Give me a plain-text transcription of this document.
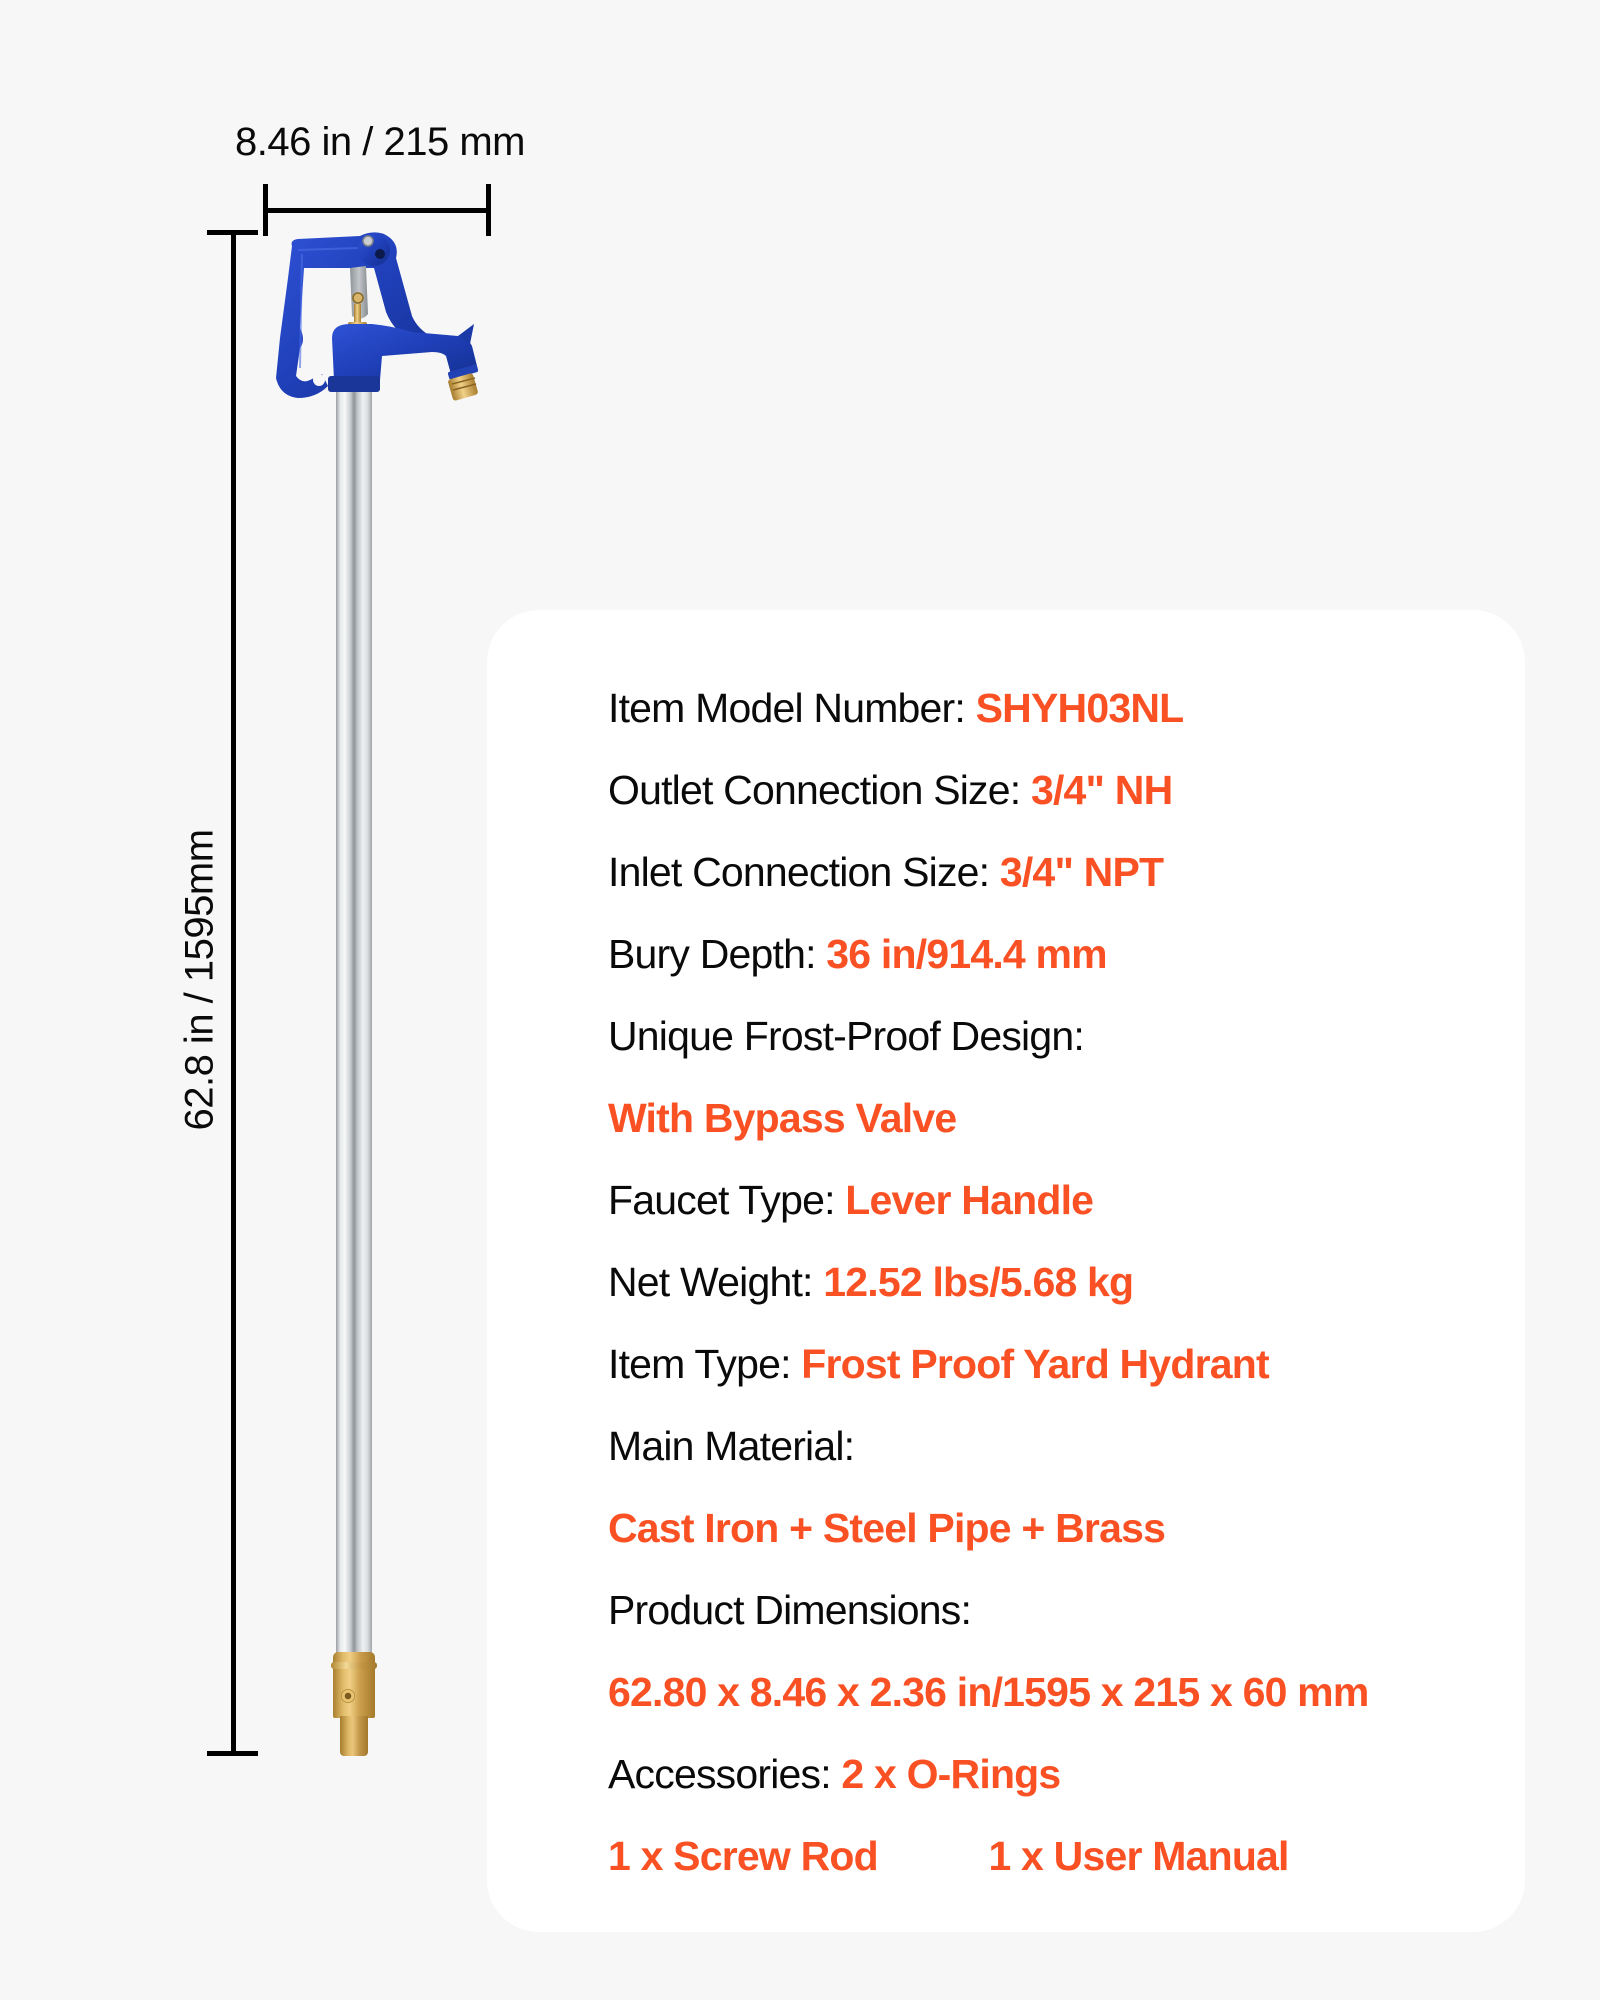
8.46 in / 215 mm
62.8 in / 1595mm
Item Model Number: SHYH03NL
Outlet Connection Size: 3/4" NH
Inlet Connection Size: 3/4" NPT
Bury Depth: 36 in/914.4 mm
Unique Frost-Proof Design:
With Bypass Valve
Faucet Type: Lever Handle
Net Weight: 12.52 lbs/5.68 kg
Item Type: Frost Proof Yard Hydrant
Main Material:
Cast Iron + Steel Pipe + Brass
Product Dimensions:
62.80 x 8.46 x 2.36 in/1595 x 215 x 60 mm
Accessories: 2 x O-Rings
1 x Screw Rod	1 x User Manual
